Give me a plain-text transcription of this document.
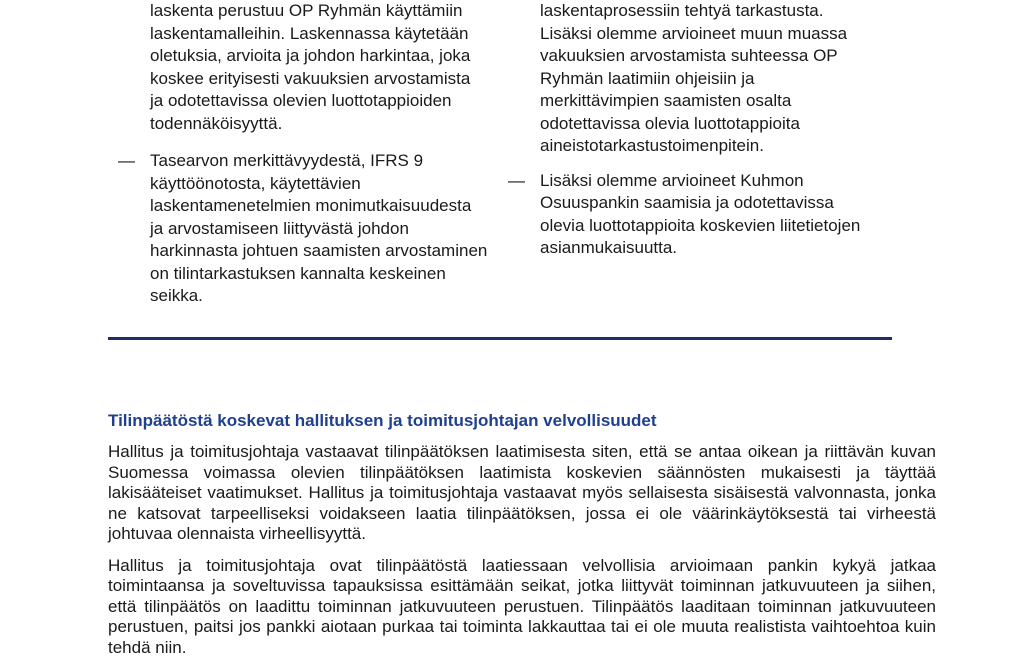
laskenta perustuu OP Ryhmän käyttämiin laskentamalleihin. Laskennassa käytetään oletuksia, arvioita ja johdon harkintaa, joka koskee erityisesti vakuuksien arvostamista ja odotettavissa olevien luottotappioiden todennäköisyyttä.

— Tasearvon merkittävyydestä, IFRS 9 käyttöönotosta, käytettävien laskentamenetelmien monimutkaisuudesta ja arvostamiseen liittyvästä johdon harkinnasta johtuen saamisten arvostaminen on tilintarkastuksen kannalta keskeinen seikka.

laskentaprosessiin tehtyä tarkastusta. Lisäksi olemme arvioineet muun muassa vakuuksien arvostamista suhteessa OP Ryhmän laatimiin ohjeisiin ja merkittävimpien saamisten osalta odotettavissa olevia luottotappioita aineistotarkastustoimenpitein.

— Lisäksi olemme arvioineet Kuhmon Osuuspankin saamisia ja odotettavissa olevia luottotappioita koskevien liitetietojen asianmukaisuutta.

Tilinpäätöstä koskevat hallituksen ja toimitusjohtajan velvollisuudet

Hallitus ja toimitusjohtaja vastaavat tilinpäätöksen laatimisesta siten, että se antaa oikean ja riittävän kuvan Suomessa voimassa olevien tilinpäätöksen laatimista koskevien säännösten mukaisesti ja täyttää lakisääteiset vaatimukset. Hallitus ja toimitusjohtaja vastaavat myös sellaisesta sisäisestä valvonnasta, jonka ne katsovat tarpeelliseksi voidakseen laatia tilinpäätöksen, jossa ei ole väärinkäytöksestä tai virheestä johtuvaa olennaista virheellisyyttä.

Hallitus ja toimitusjohtaja ovat tilinpäätöstä laatiessaan velvollisia arvioimaan pankin kykyä jatkaa toimintaansa ja soveltuvissa tapauksissa esittämään seikat, jotka liittyvät toiminnan jatkuvuuteen ja siihen, että tilinpäätös on laadittu toiminnan jatkuvuuteen perustuen. Tilinpäätös laaditaan toiminnan jatkuvuuteen perustuen, paitsi jos pankki aiotaan purkaa tai toiminta lakkauttaa tai ei ole muuta realistista vaihtoehtoa kuin tehdä niin.
